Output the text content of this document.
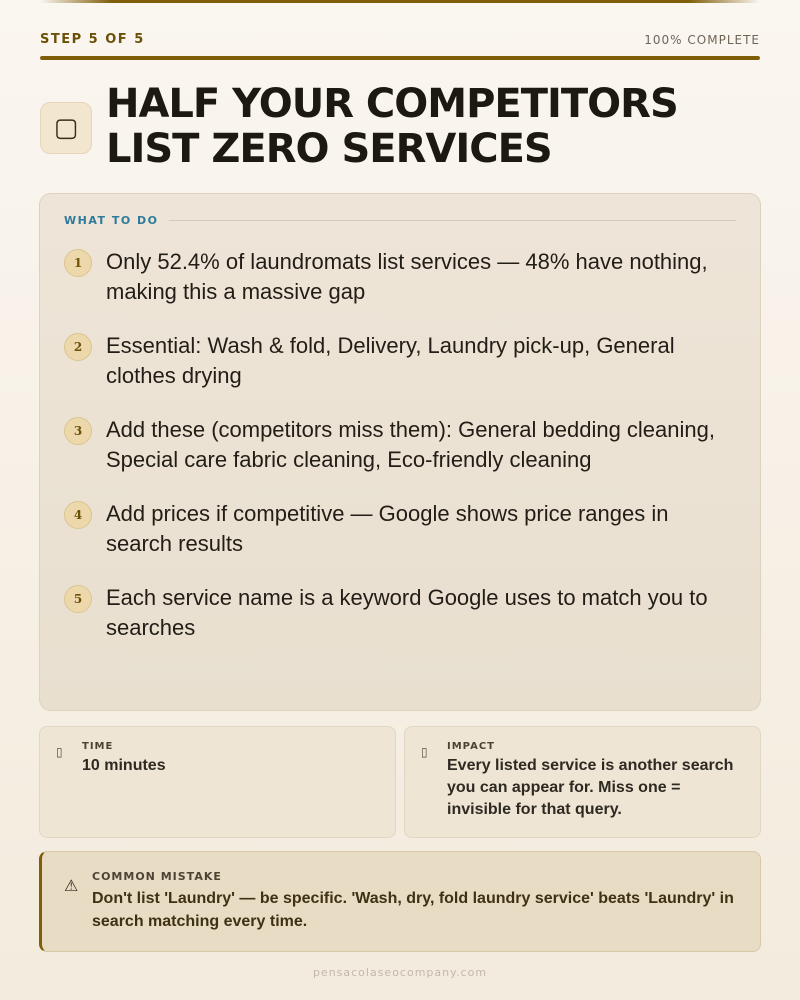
STEP 5 OF 5	100% COMPLETE
▢
HALF YOUR COMPETITORS LIST ZERO SERVICES
WHAT TO DO
1	Only 52.4% of laundromats list services — 48% have nothing, making this a massive gap
2	Essential: Wash & fold, Delivery, Laundry pick-up, General clothes drying
3	Add these (competitors miss them): General bedding cleaning, Special care fabric cleaning, Eco-friendly cleaning
4	Add prices if competitive — Google shows price ranges in search results
5	Each service name is a keyword Google uses to match you to searches
▯	TIME
10 minutes
▯	IMPACT
Every listed service is another search you can appear for. Miss one = invisible for that query.
⚠	COMMON MISTAKE
Don't list 'Laundry' — be specific. 'Wash, dry, fold laundry service' beats 'Laundry' in search matching every time.
pensacolaseocompany.com
